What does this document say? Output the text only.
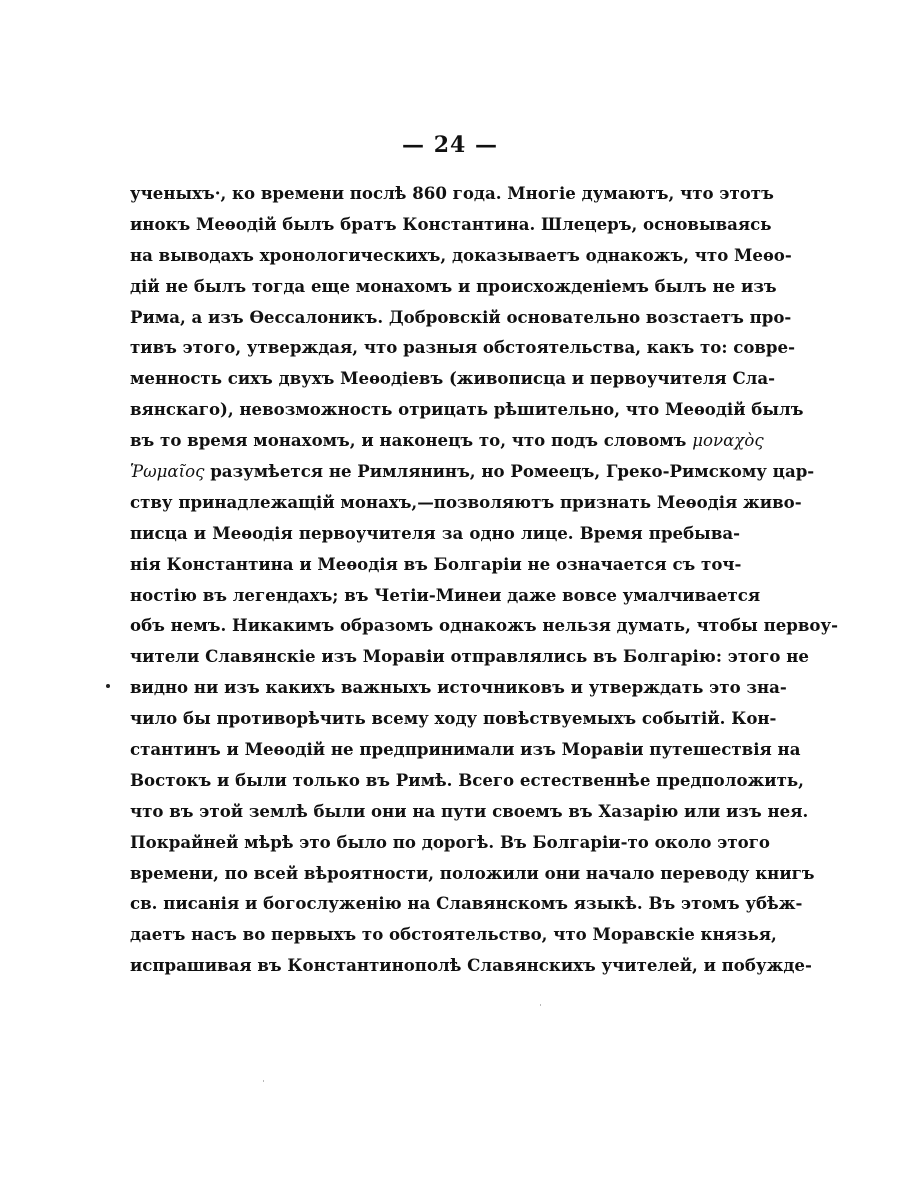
— 24 —
ученыхъ·, ко времени послѣ 860 года. Многіе думаютъ, что этотъ
инокъ Меѳодій былъ братъ Константина. Шлецеръ, основываясь
на выводахъ хронологическихъ, доказываетъ однакожъ, что Меѳо-
дій не былъ тогда еще монахомъ и происхожденіемъ былъ не изъ
Рима, а изъ Ѳессалоникъ. Добровскій основательно возстаетъ про-
тивъ этого, утверждая, что разныя обстоятельства, какъ то: совре-
менность сихъ двухъ Меѳодіевъ (живописца и первоучителя Сла-
вянскаго), невозможность отрицать рѣшительно, что Меѳодій былъ
въ то время монахомъ, и наконецъ то, что подъ словомъ μοναχὸς
Ῥωμαῖος разумѣется не Римлянинъ, но Ромеецъ, Греко-Римскому цар-
ству принадлежащій монахъ,—позволяютъ признать Меѳодія живо-
писца и Меѳодія первоучителя за одно лице. Время пребыва-
нія Константина и Меѳодія въ Болгаріи не означается съ точ-
ностію въ легендахъ; въ Четіи-Минеи даже вовсе умалчивается
объ немъ. Никакимъ образомъ однакожъ нельзя думать, чтобы первоу-
чители Славянскіе изъ Моравіи отправлялись въ Болгарію: этого не
видно ни изъ какихъ важныхъ источниковъ и утверждать это зна-
чило бы противорѣчить всему ходу повѣствуемыхъ событій. Кон-
стантинъ и Меѳодій не предпринимали изъ Моравіи путешествія на
Востокъ и были только въ Римѣ. Всего естественнѣе предположить,
что въ этой землѣ были они на пути своемъ въ Хазарію или изъ нея.
Покрайней мѣрѣ это было по дорогѣ. Въ Болгаріи-то около этого
времени, по всей вѣроятности, положили они начало переводу книгъ
св. писанія и богослуженію на Славянскомъ языкѣ. Въ этомъ убѣж-
даетъ насъ во первыхъ то обстоятельство, что Моравскіе князья,
испрашивая въ Константинополѣ Славянскихъ учителей, и побужде-
